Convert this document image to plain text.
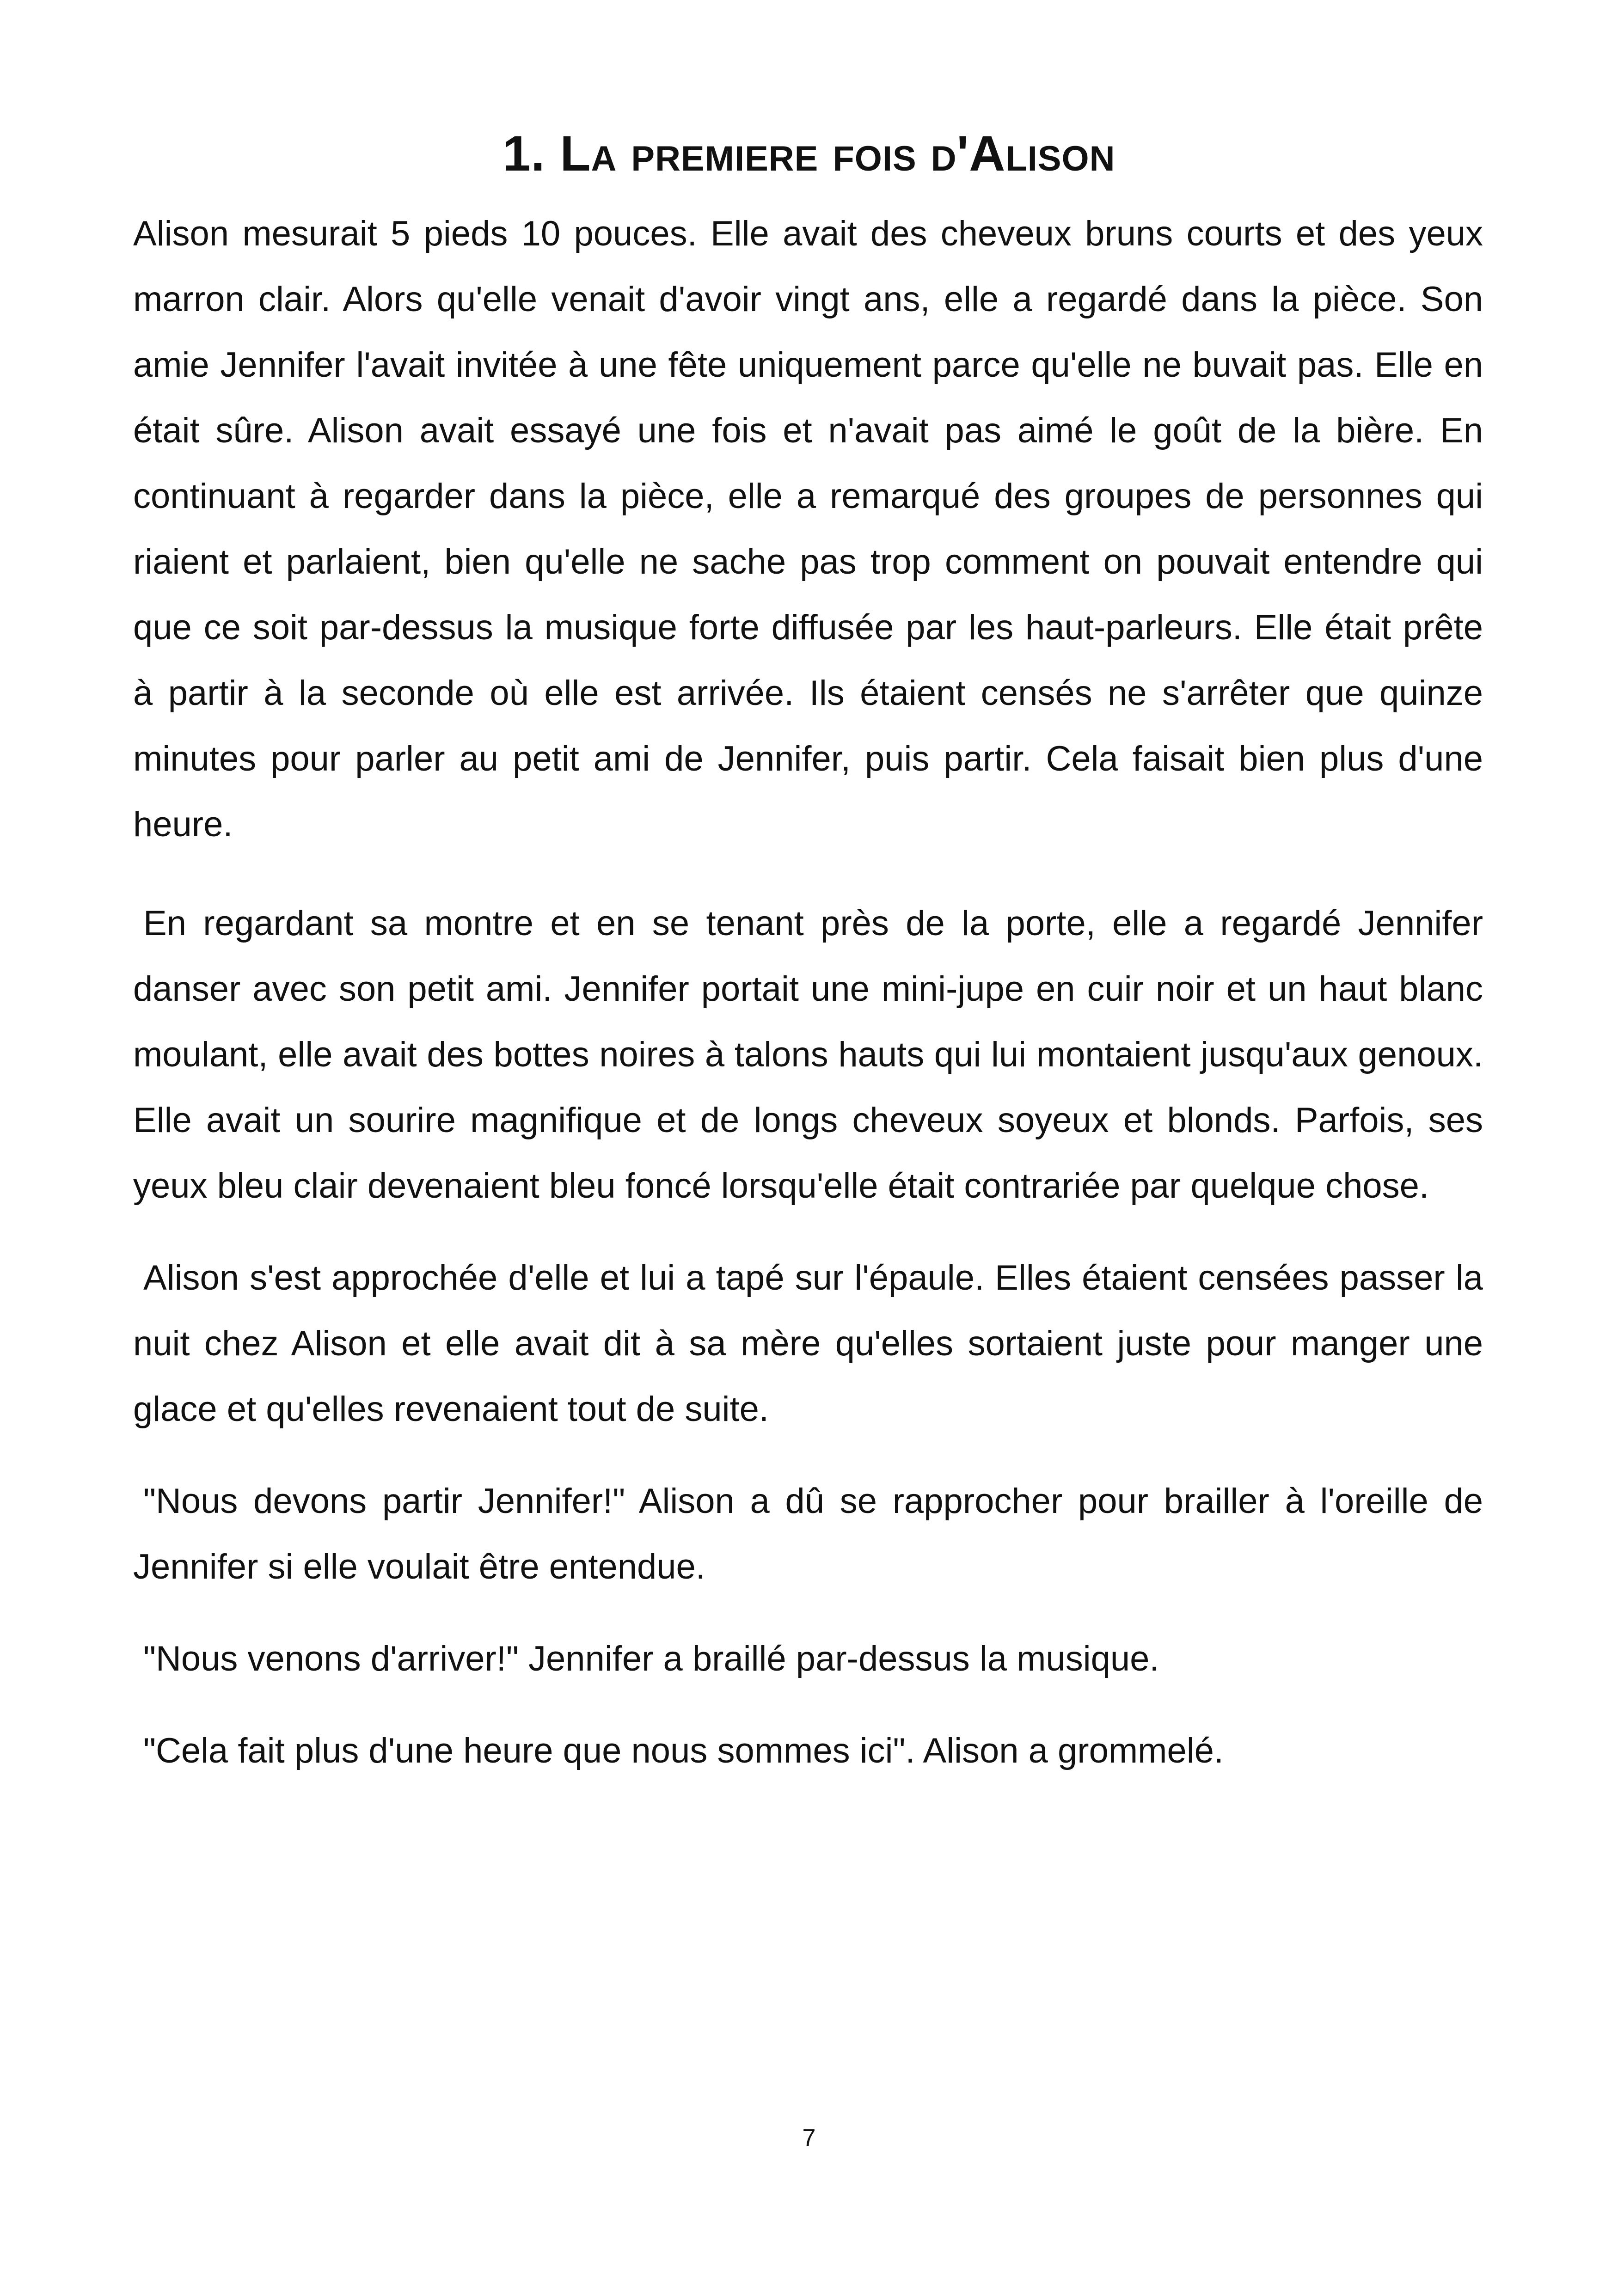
1. La premiere fois d'Alison

Alison mesurait 5 pieds 10 pouces. Elle avait des cheveux bruns courts et des yeux marron clair. Alors qu'elle venait d'avoir vingt ans, elle a regardé dans la pièce. Son amie Jennifer l'avait invitée à une fête uniquement parce qu'elle ne buvait pas. Elle en était sûre. Alison avait essayé une fois et n'avait pas aimé le goût de la bière. En continuant à regarder dans la pièce, elle a remarqué des groupes de personnes qui riaient et parlaient, bien qu'elle ne sache pas trop comment on pouvait entendre qui que ce soit par-dessus la musique forte diffusée par les haut-parleurs. Elle était prête à partir à la seconde où elle est arrivée. Ils étaient censés ne s'arrêter que quinze minutes pour parler au petit ami de Jennifer, puis partir. Cela faisait bien plus d'une heure.

En regardant sa montre et en se tenant près de la porte, elle a regardé Jennifer danser avec son petit ami. Jennifer portait une mini-jupe en cuir noir et un haut blanc moulant, elle avait des bottes noires à talons hauts qui lui montaient jusqu'aux genoux. Elle avait un sourire magnifique et de longs cheveux soyeux et blonds. Parfois, ses yeux bleu clair devenaient bleu foncé lorsqu'elle était contrariée par quelque chose.

Alison s'est approchée d'elle et lui a tapé sur l'épaule. Elles étaient censées passer la nuit chez Alison et elle avait dit à sa mère qu'elles sortaient juste pour manger une glace et qu'elles revenaient tout de suite.

"Nous devons partir Jennifer!" Alison a dû se rapprocher pour brailler à l'oreille de Jennifer si elle voulait être entendue.

"Nous venons d'arriver!" Jennifer a braillé par-dessus la musique.

"Cela fait plus d'une heure que nous sommes ici". Alison a grommelé.

7
